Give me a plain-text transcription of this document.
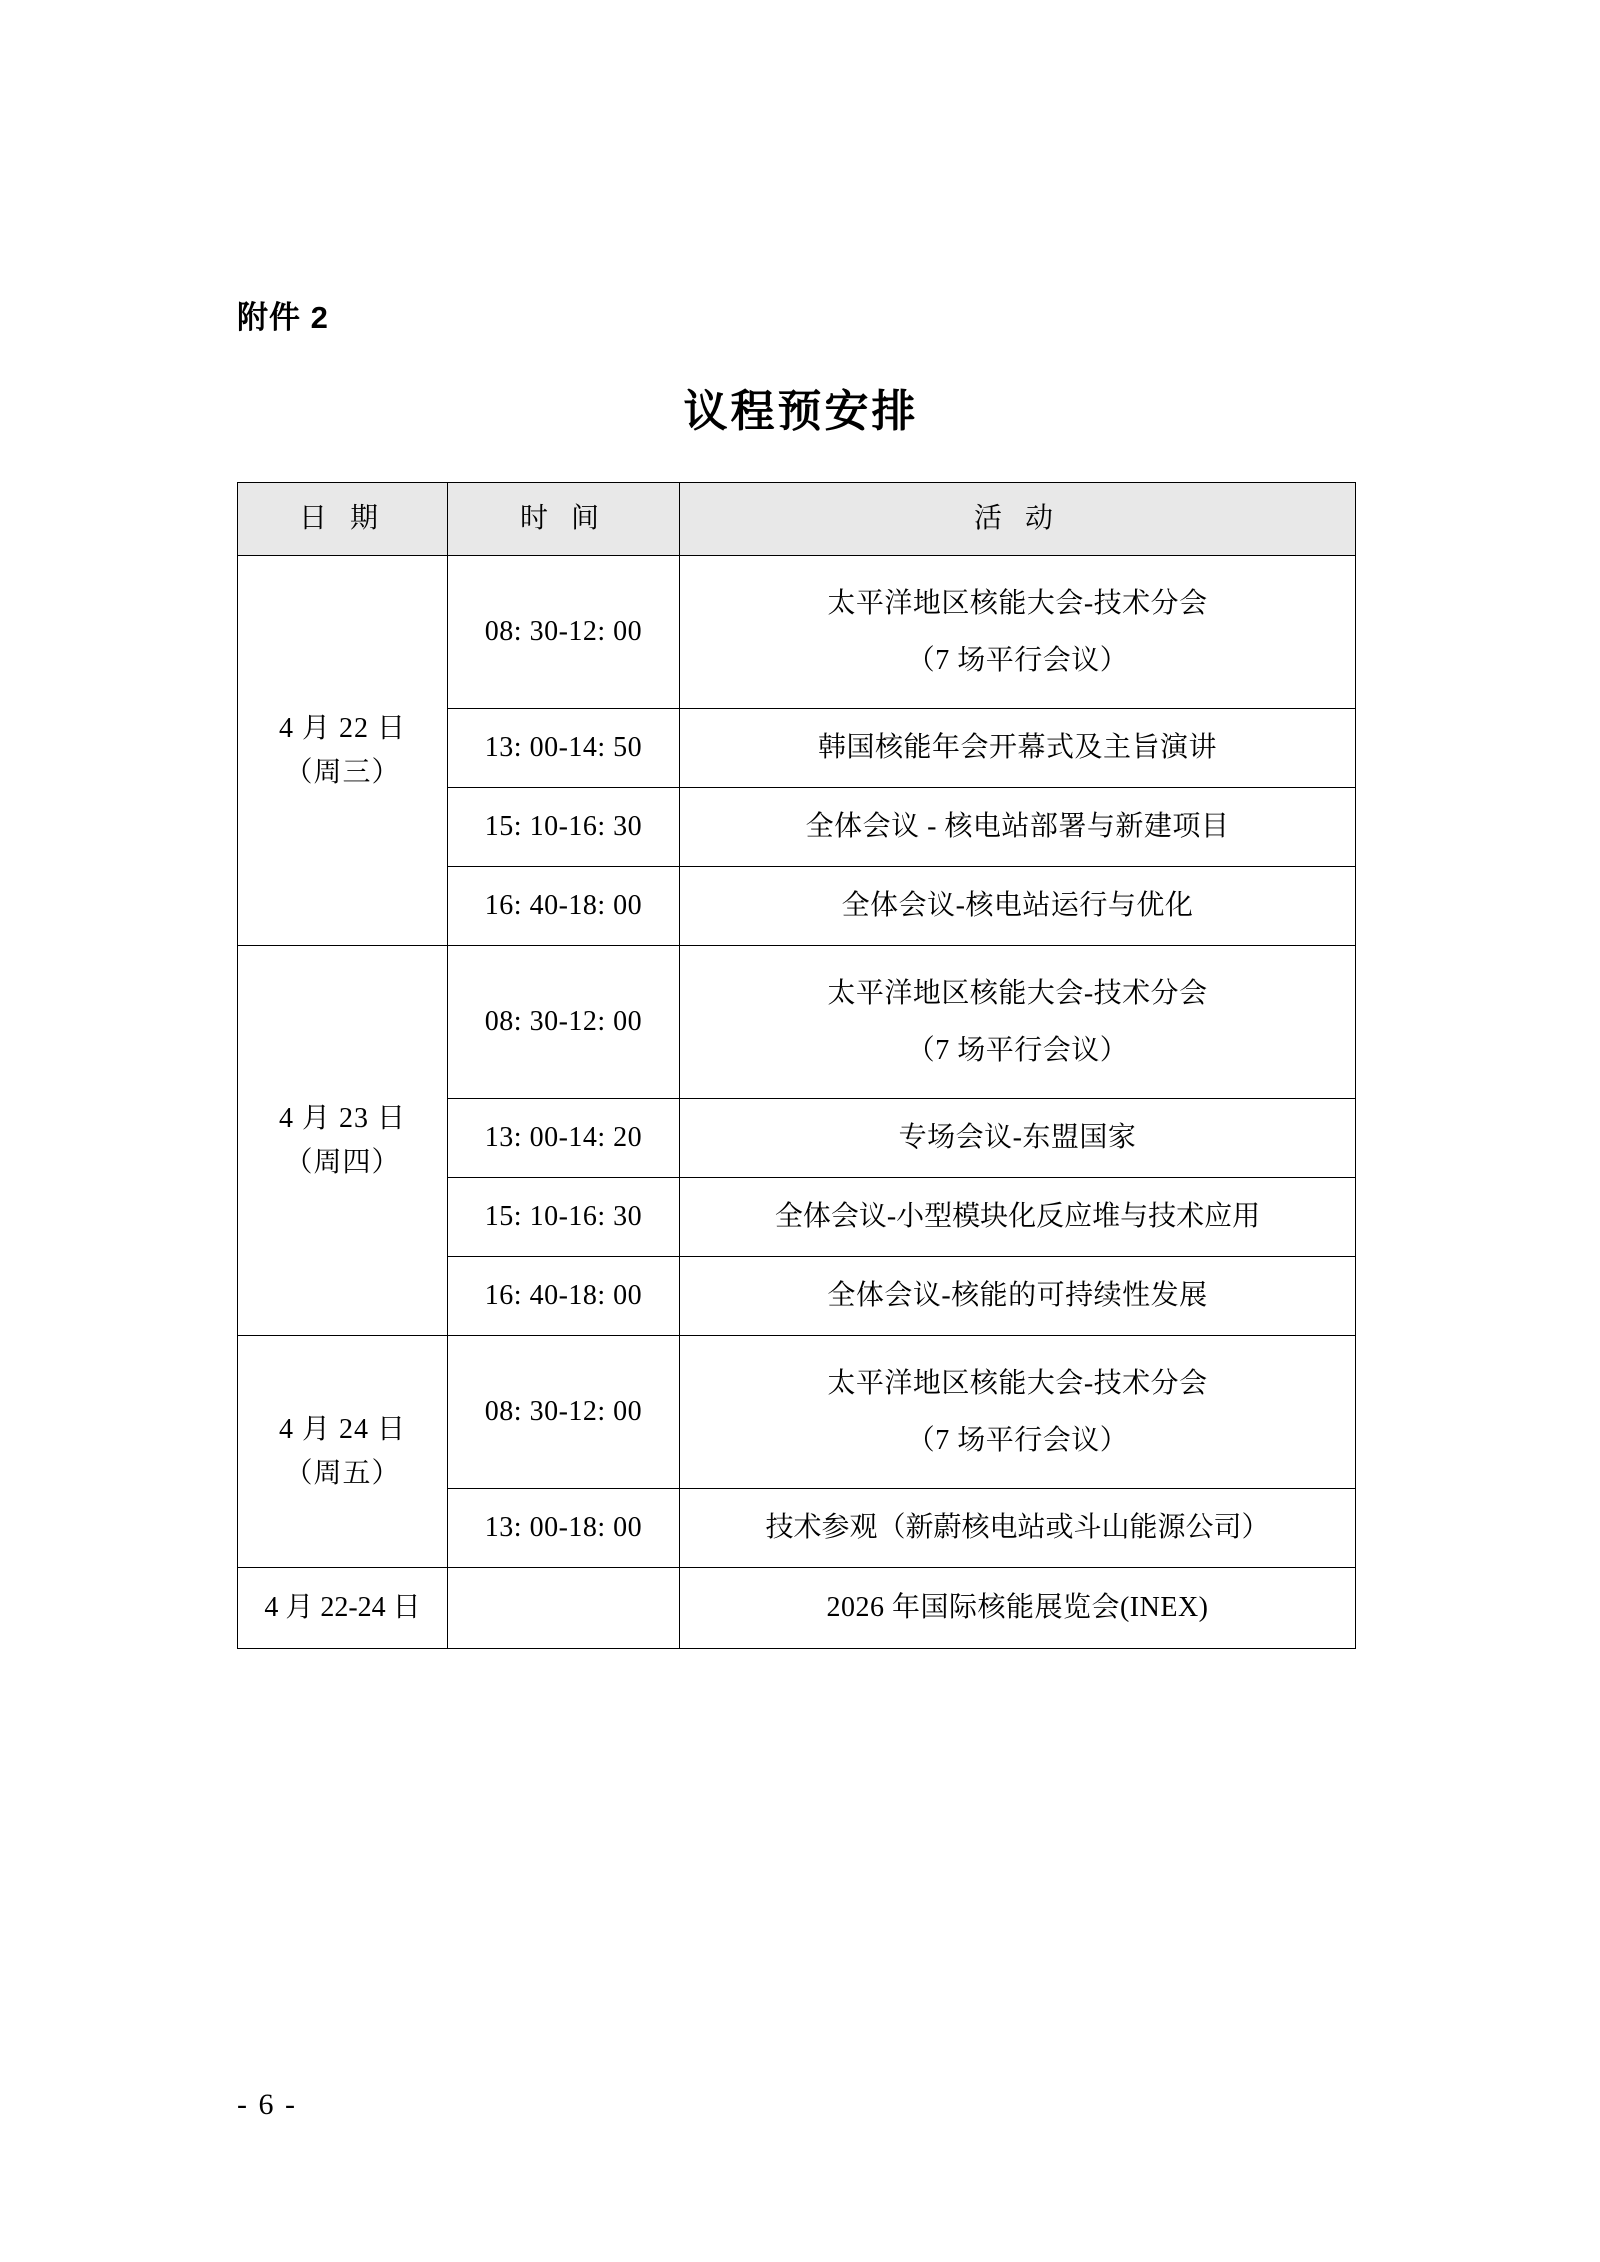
附件 2
议程预安排
日 期	时 间	活 动
4 月 22 日
（周三）	08: 30-12: 00	太平洋地区核能大会-技术分会
（7 场平行会议）

	13: 00-14: 50	韩国核能年会开幕式及主旨演讲
	15: 10-16: 30	全体会议 - 核电站部署与新建项目
	16: 40-18: 00	全体会议-核电站运行与优化
4 月 23 日
（周四）	08: 30-12: 00	太平洋地区核能大会-技术分会
（7 场平行会议）

	13: 00-14: 20	专场会议-东盟国家
	15: 10-16: 30	全体会议-小型模块化反应堆与技术应用
	16: 40-18: 00	全体会议-核能的可持续性发展
4 月 24 日
（周五）	08: 30-12: 00	太平洋地区核能大会-技术分会
（7 场平行会议）

	13: 00-18: 00	技术参观（新蔚核电站或斗山能源公司）
4 月 22-24 日		2026 年国际核能展览会(INEX)
- 6 -
